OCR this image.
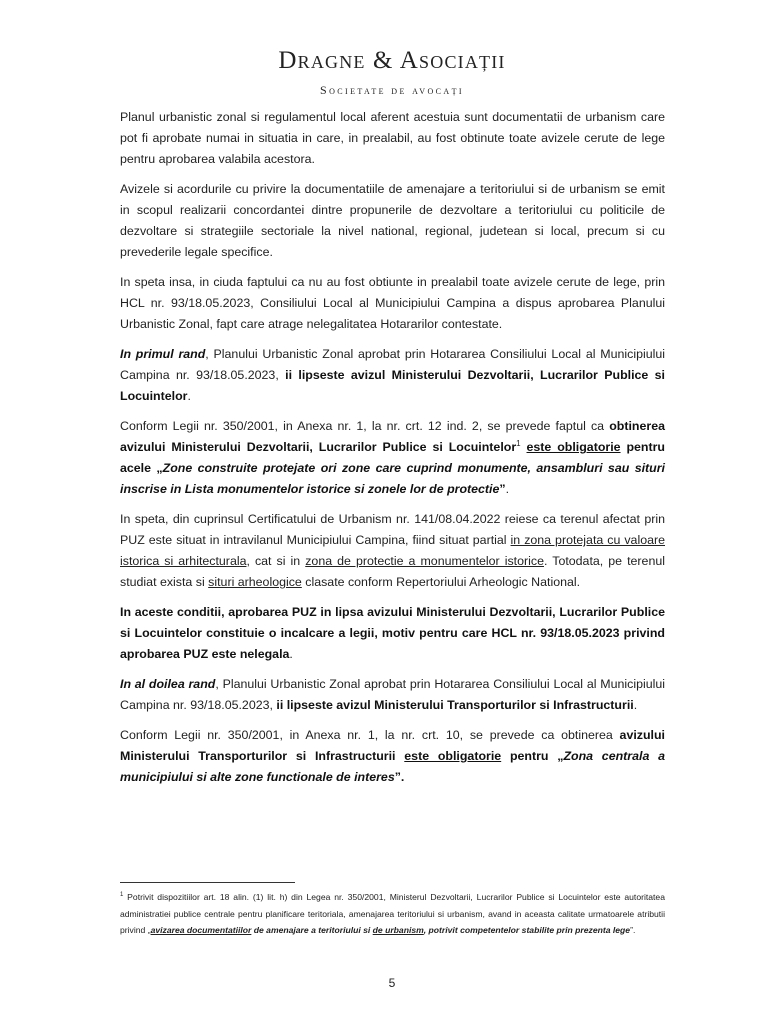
Dragne & Asociații
Societate de avocați

Planul urbanistic zonal si regulamentul local aferent acestuia sunt documentatii de urbanism care pot fi aprobate numai in situatia in care, in prealabil, au fost obtinute toate avizele cerute de lege pentru aprobarea valabila acestora.

Avizele si acordurile cu privire la documentatiile de amenajare a teritoriului si de urbanism se emit in scopul realizarii concordantei dintre propunerile de dezvoltare a teritoriului cu politicile de dezvoltare si strategiile sectoriale la nivel national, regional, judetean si local, precum si cu prevederile legale specifice.

In speta insa, in ciuda faptului ca nu au fost obtiunte in prealabil toate avizele cerute de lege, prin HCL nr. 93/18.05.2023, Consiliului Local al Municipiului Campina a dispus aprobarea Planului Urbanistic Zonal, fapt care atrage nelegalitatea Hotararilor contestate.

In primul rand, Planului Urbanistic Zonal aprobat prin Hotararea Consiliului Local al Municipiului Campina nr. 93/18.05.2023, ii lipseste avizul Ministerului Dezvoltarii, Lucrarilor Publice si Locuintelor.

Conform Legii nr. 350/2001, in Anexa nr. 1, la nr. crt. 12 ind. 2, se prevede faptul ca obtinerea avizului Ministerului Dezvoltarii, Lucrarilor Publice si Locuintelor$^1$ este obligatorie pentru acele „Zone construite protejate ori zone care cuprind monumente, ansambluri sau situri inscrise in Lista monumentelor istorice si zonele lor de protectie”.

In speta, din cuprinsul Certificatului de Urbanism nr. 141/08.04.2022 reiese ca terenul afectat prin PUZ este situat in intravilanul Municipiului Campina, fiind situat partial in zona protejata cu valoare istorica si arhitecturala, cat si in zona de protectie a monumentelor istorice. Totodata, pe terenul studiat exista si situri arheologice clasate conform Repertoriului Arheologic National.

In aceste conditii, aprobarea PUZ in lipsa avizului Ministerului Dezvoltarii, Lucrarilor Publice si Locuintelor constituie o incalcare a legii, motiv pentru care HCL nr. 93/18.05.2023 privind aprobarea PUZ este nelegala.

In al doilea rand, Planului Urbanistic Zonal aprobat prin Hotararea Consiliului Local al Municipiului Campina nr. 93/18.05.2023, ii lipseste avizul Ministerului Transporturilor si Infrastructurii.

Conform Legii nr. 350/2001, in Anexa nr. 1, la nr. crt. 10, se prevede ca obtinerea avizului Ministerului Transporturilor si Infrastructurii este obligatorie pentru „Zona centrala a municipiului si alte zone functionale de interes”.

$^1$ Potrivit dispozitiilor art. 18 alin. (1) lit. h) din Legea nr. 350/2001, Ministerul Dezvoltarii, Lucrarilor Publice si Locuintelor este autoritatea administratiei publice centrale pentru planificare teritoriala, amenajarea teritoriului si urbanism, avand in aceasta calitate urmatoarele atributii privind „avizarea documentatiilor de amenajare a teritoriului si de urbanism, potrivit competentelor stabilite prin prezenta lege”.

5
